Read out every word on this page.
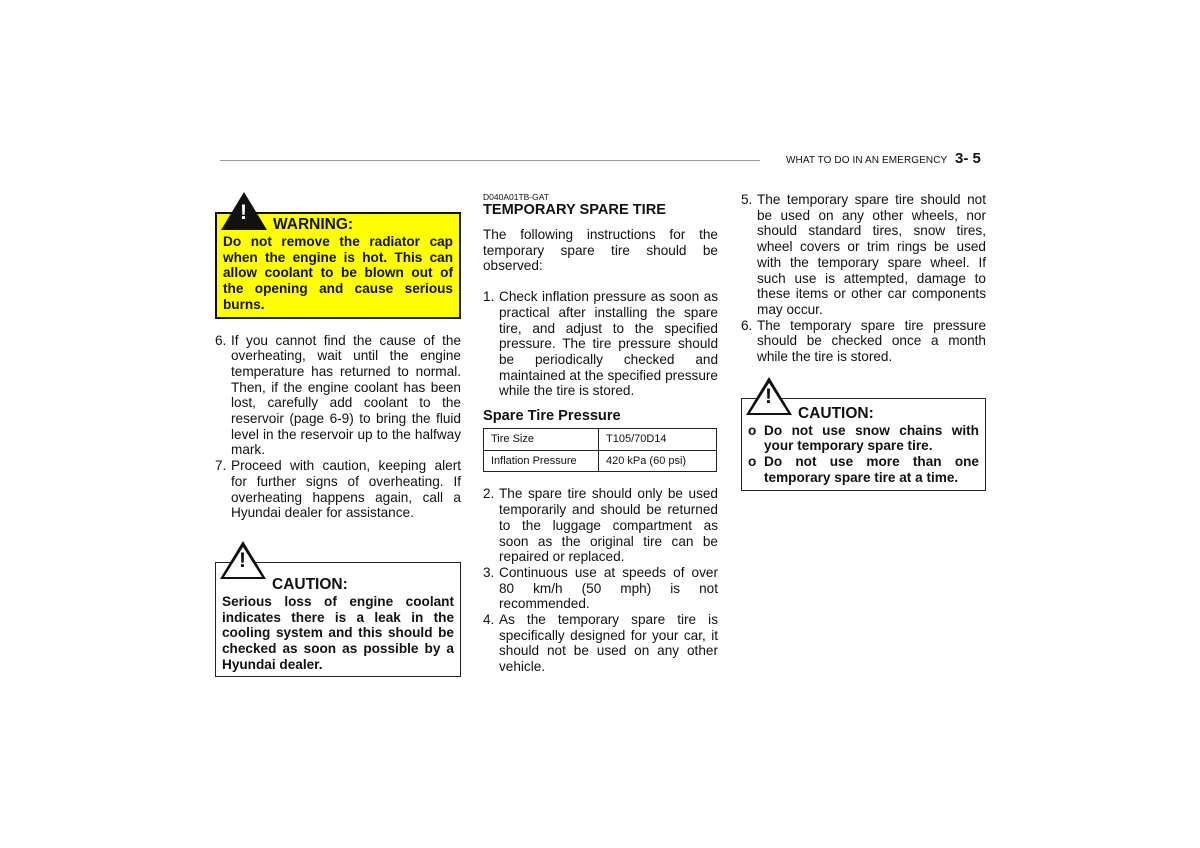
WHAT TO DO IN AN EMERGENCY 3- 5
!
WARNING:
Do not remove the radiator cap when the engine is hot. This can allow coolant to be blown out of the opening and cause serious burns.
6. If you cannot find the cause of the overheating, wait until the engine temperature has returned to normal. Then, if the engine coolant has been lost, carefully add coolant to the reservoir (page 6-9) to bring the fluid level in the reservoir up to the halfway mark.
7. Proceed with caution, keeping alert for further signs of overheating. If overheating happens again, call a Hyundai dealer for assistance.
!
CAUTION:
Serious loss of engine coolant indicates there is a leak in the cooling system and this should be checked as soon as possible by a Hyundai dealer.
D040A01TB-GAT
TEMPORARY SPARE TIRE
The following instructions for the temporary spare tire should be observed:
1. Check inflation pressure as soon as practical after installing the spare tire, and adjust to the specified pressure. The tire pressure should be periodically checked and maintained at the specified pressure while the tire is stored.
Spare Tire Pressure
Tire Size	T105/70D14
Inflation Pressure	420 kPa (60 psi)
2. The spare tire should only be used temporarily and should be returned to the luggage compartment as soon as the original tire can be repaired or replaced.
3. Continuous use at speeds of over 80 km/h (50 mph) is not recommended.
4. As the temporary spare tire is specifically designed for your car, it should not be used on any other vehicle.
5. The temporary spare tire should not be used on any other wheels, nor should standard tires, snow tires, wheel covers or trim rings be used with the temporary spare wheel. If such use is attempted, damage to these items or other car components may occur.
6. The temporary spare tire pressure should be checked once a month while the tire is stored.
!
CAUTION:
o Do not use snow chains with your temporary spare tire.
o Do not use more than one temporary spare tire at a time.
